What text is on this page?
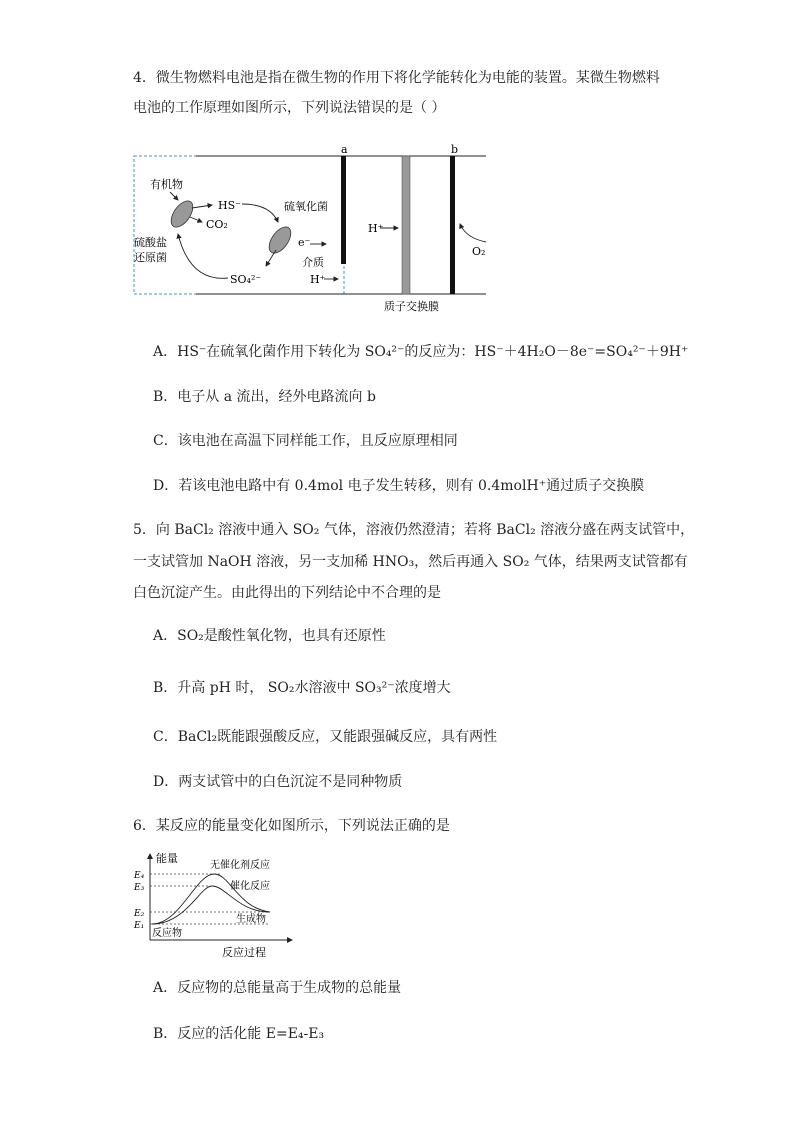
4．微生物燃料电池是指在微生物的作用下将化学能转化为电能的装置。某微生物燃料
电池的工作原理如图所示，下列说法错误的是（ ）
a	b
有机物
HS⁻
CO₂
硫酸盐
还原菌
硫氧化菌
e⁻
介质
H⁺
SO₄²⁻
H⁺
O₂
质子交换膜
A．HS⁻在硫氧化菌作用下转化为 SO₄²⁻的反应为：HS⁻＋4H₂O－8e⁻=SO₄²⁻＋9H⁺
B．电子从 a 流出，经外电路流向 b
C．该电池在高温下同样能工作，且反应原理相同
D．若该电池电路中有 0.4mol 电子发生转移，则有 0.4molH⁺通过质子交换膜
5．向 BaCl₂ 溶液中通入 SO₂ 气体，溶液仍然澄清；若将 BaCl₂ 溶液分盛在两支试管中，
一支试管加 NaOH 溶液，另一支加稀 HNO₃，然后再通入 SO₂ 气体，结果两支试管都有
白色沉淀产生。由此得出的下列结论中不合理的是
A．SO₂是酸性氧化物，也具有还原性
B．升高 pH 时， SO₂水溶液中 SO₃²⁻浓度增大
C．BaCl₂既能跟强酸反应，又能跟强碱反应，具有两性
D．两支试管中的白色沉淀不是同种物质
6．某反应的能量变化如图所示，下列说法正确的是
能量
反应过程
E₄
E₃
E₂
E₁
无催化剂反应
催化反应
生成物
反应物
A．反应物的总能量高于生成物的总能量
B．反应的活化能 E=E₄-E₃
